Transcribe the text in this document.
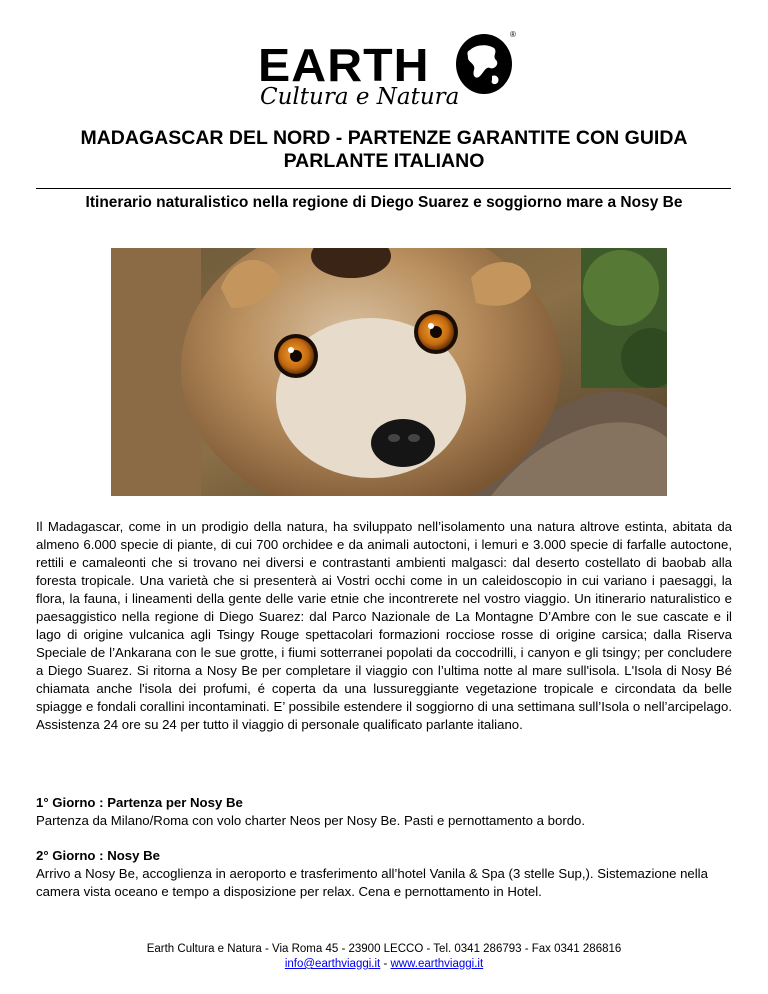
EARTH
®
Cultura e Natura
MADAGASCAR DEL NORD - PARTENZE GARANTITE CON GUIDA PARLANTE ITALIANO
Itinerario naturalistico nella regione di Diego Suarez e soggiorno mare a Nosy Be
Il Madagascar, come in un prodigio della natura, ha sviluppato nell’isolamento una natura altrove estinta, abitata da almeno 6.000 specie di piante, di cui 700 orchidee e da animali autoctoni, i lemuri e 3.000 specie di farfalle autoctone, rettili e camaleonti che si trovano nei diversi e contrastanti ambienti malgasci: dal deserto costellato di baobab alla foresta tropicale. Una varietà che si presenterà ai Vostri occhi come in un caleidoscopio in cui variano i paesaggi, la flora, la fauna, i lineamenti della gente delle varie etnie che incontrerete nel vostro viaggio. Un itinerario naturalistico e paesaggistico nella regione di Diego Suarez: dal Parco Nazionale de La Montagne D’Ambre con le sue cascate e il lago di origine vulcanica agli Tsingy Rouge spettacolari formazioni rocciose rosse di origine carsica; dalla Riserva Speciale de l’Ankarana con le sue grotte, i fiumi sotterranei popolati da coccodrilli, i canyon e gli tsingy; per concludere a Diego Suarez. Si ritorna a Nosy Be per completare il viaggio con l’ultima notte al mare sull'isola. L'Isola di Nosy Bé chiamata anche l'isola dei profumi, é coperta da una lussureggiante vegetazione tropicale e circondata da belle spiagge e fondali corallini incontaminati. E’ possibile estendere il soggiorno di una settimana sull’Isola o nell’arcipelago. Assistenza 24 ore su 24 per tutto il viaggio di personale qualificato parlante italiano.
1° Giorno : Partenza per Nosy Be
Partenza da Milano/Roma con volo charter Neos per Nosy Be. Pasti e pernottamento a bordo.
2° Giorno : Nosy Be
Arrivo a Nosy Be, accoglienza in aeroporto e trasferimento all’hotel Vanila & Spa (3 stelle Sup,). Sistemazione nella camera vista oceano e tempo a disposizione per relax. Cena e pernottamento in Hotel.
Earth Cultura e Natura - Via Roma 45 - 23900 LECCO - Tel. 0341 286793 - Fax 0341 286816
info@earthviaggi.it - www.earthviaggi.it
